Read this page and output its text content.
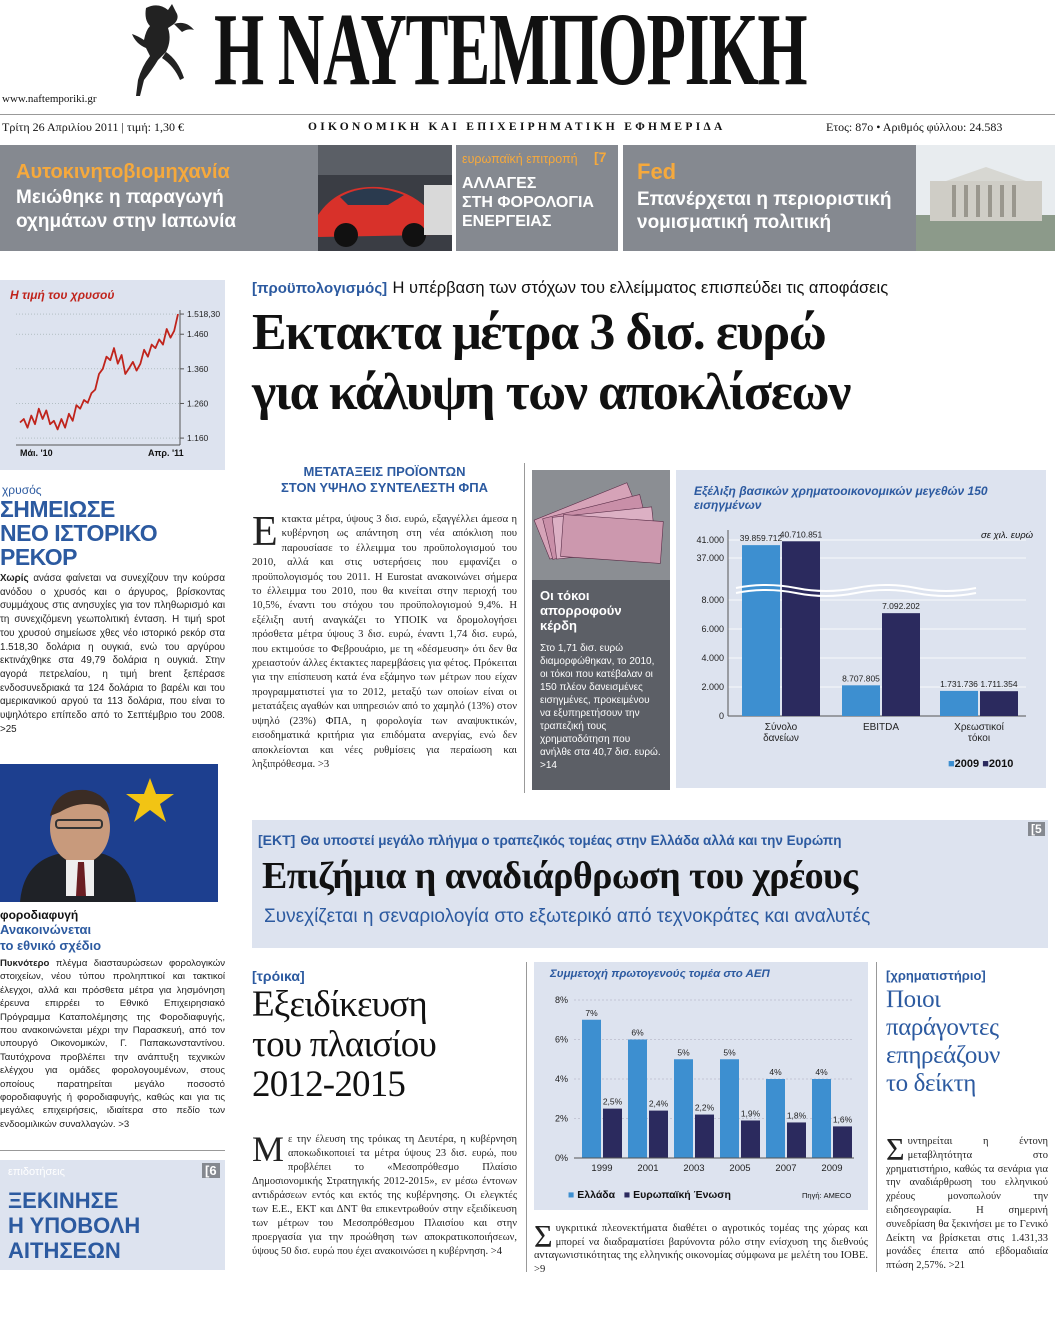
Η ΝΑΥΤΕΜΠΟΡΙΚΗ
www.naftemporiki.gr
Τρίτη 26 Απριλίου 2011 | τιμή: 1,30 €	ΟΙΚΟΝΟΜΙΚΗ ΚΑΙ ΕΠΙΧΕΙΡΗΜΑΤΙΚΗ ΕΦΗΜΕΡΙΔΑ	Ετος: 87ο • Αριθμός φύλλου: 24.583
Αυτοκινητοβιομηχανία
Μειώθηκε η παραγωγή
οχημάτων στην Ιαπωνία
ευρωπαϊκή επιτροπή [7
ΑΛΛΑΓΕΣ
ΣΤΗ ΦΟΡΟΛΟΓΙΑ
ΕΝΕΡΓΕΙΑΣ
Fed
Επανέρχεται η περιοριστική
νομισματική πολιτική
Η τιμή του χρυσού
1.160
1.260
1.360
1.460
1.518,30
Μάι. '10	Απρ. '11
χρυσός
ΣΗΜΕΙΩΣΕ
ΝΕΟ ΙΣΤΟΡΙΚΟ
ΡΕΚΟΡ
Χωρίς ανάσα φαίνεται να συνεχίζουν την κούρσα ανόδου ο χρυσός και ο άργυρος, βρίσκοντας συμμάχους στις ανησυχίες για τον πληθωρισμό και τη συνεχιζόμενη γεωπολιτική ένταση. Η τιμή spot του χρυσού σημείωσε χθες νέο ιστορικό ρεκόρ στα 1.518,30 δολάρια η ουγκιά, ενώ του αργύρου εκτινάχθηκε στα 49,79 δολάρια η ουγκιά. Στην αγορά πετρελαίου, η τιμή brent ξεπέρασε ενδοσυνεδριακά τα 124 δολάρια το βαρέλι και του αμερικανικού αργού τα 113 δολάρια, που είναι το υψηλότερο επίπεδο από το Σεπτέμβριο του 2008. >25
φοροδιαφυγή
Ανακοινώνεται
το εθνικό σχέδιο
Πυκνότερο πλέγμα διασταυρώσεων φορολογικών στοιχείων, νέου τύπου προληπτικοί και τακτικοί έλεγχοι, αλλά και πρόσθετα μέτρα για λησμόνηση έρευνα επιρρέει το Εθνικό Επιχειρησιακό Πρόγραμμα Καταπολέμησης της Φοροδιαφυγής, που ανακοινώνεται μέχρι την Παρασκευή, από τον υπουργό Οικονομικών, Γ. Παπακωνσταντίνου. Ταυτόχρονα προβλέπει την ανάπτυξη τεχνικών ελέγχου για ομάδες φορολογουμένων, στους οποίους παρατηρείται μεγάλο ποσοστό φοροδιαφυγής ή φοροδιαφυγής, καθώς και για τις μεγάλες επιχειρήσεις, ιδιαίτερα στο πεδίο των ενδοομιλικών συναλλαγών. >3
επιδοτήσεις	[6
ΞΕΚΙΝΗΣΕ
Η ΥΠΟΒΟΛΗ
ΑΙΤΗΣΕΩΝ
[προϋπολογισμός] Η υπέρβαση των στόχων του ελλείμματος επισπεύδει τις αποφάσεις
Εκτακτα μέτρα 3 δισ. ευρώ
για κάλυψη των αποκλίσεων
ΜΕΤΑΤΑΞΕΙΣ ΠΡΟΪΟΝΤΩΝ
ΣΤΟΝ ΥΨΗΛΟ ΣΥΝΤΕΛΕΣΤΗ ΦΠΑ
Εκτακτα μέτρα, ύψους 3 δισ. ευρώ, εξαγγέλλει άμεσα η κυβέρνηση ως απάντηση στη νέα απόκλιση που παρουσίασε το έλλειμμα του προϋπολογισμού του 2010, αλλά και στις υστερήσεις που εμφανίζει ο προϋπολογισμός του 2011. Η Eurostat ανακοινώνει σήμερα το έλλειμμα του 2010, που θα κινείται στην περιοχή του 10,5%, έναντι του στόχου του προϋπολογισμού 9,4%. Η εξέλιξη αυτή αναγκάζει το ΥΠΟΙΚ να δρομολογήσει πρόσθετα μέτρα ύψους 3 δισ. ευρώ, έναντι 1,74 δισ. ευρώ, που εκτιμούσε το Φεβρουάριο, με τη «δέσμευση» ότι δεν θα χρειαστούν άλλες έκτακτες παρεμβάσεις για φέτος. Πρόκειται για την επίσπευση κατά ένα εξάμηνο των μέτρων που είχαν προγραμματιστεί για το 2012, μεταξύ των οποίων είναι οι μετατάξεις αγαθών και υπηρεσιών από το χαμηλό (13%) στον υψηλό (23%) ΦΠΑ, η φορολογία των αναψυκτικών, εισοδηματικά κριτήρια για επιδόματα ανεργίας, ενώ δεν αποκλείονται και νέες ρυθμίσεις για περαίωση και ληξιπρόθεσμα. >3
Οι τόκοι
απορροφούν
κέρδη
Στο 1,71 δισ. ευρώ διαμορφώθηκαν, το 2010, οι τόκοι που κατέβαλαν οι 150 πλέον δανεισμένες εισηγμένες, προκειμένου να εξυπηρετήσουν την τραπεζική τους χρηματοδότηση που ανήλθε στα 40,7 δισ. ευρώ. >14
Εξέλιξη βασικών χρηματοοικονομικών μεγεθών 150 εισηγμένων
σε χιλ. ευρώ
41.000
37.000
8.000
6.000
4.000
2.000
0
39.859.712
40.710.851
Σύνολο
δανείων
8.707.805
7.092.202
EBITDA
1.731.736 1.711.354
Χρεωστικοί
τόκοι
■2009 ■2010
[ΕΚΤ] Θα υποστεί μεγάλο πλήγμα ο τραπεζικός τομέας στην Ελλάδα αλλά και την Ευρώπη
[5
Επιζήμια η αναδιάρθρωση του χρέους
Συνεχίζεται η σεναριολογία στο εξωτερικό από τεχνοκράτες και αναλυτές
[τρόικα]
Εξειδίκευση
του πλαισίου
2012-2015
Με την έλευση της τρόικας τη Δευτέρα, η κυβέρνηση αποκωδικοποιεί τα μέτρα ύψους 23 δισ. ευρώ, που προβλέπει το «Μεσοπρόθεσμο Πλαίσιο Δημοσιονομικής Στρατηγικής 2012-2015», εν μέσω έντονων αντιδράσεων εντός και εκτός της κυβέρνησης. Οι ελεγκτές των Ε.Ε., ΕΚΤ και ΔΝΤ θα επικεντρωθούν στην εξειδίκευση των μέτρων του Μεσοπρόθεσμου Πλαισίου και στην προεργασία για την προώθηση των αποκρατικοποιήσεων, ύψους 50 δισ. ευρώ που έχει ανακοινώσει η κυβέρνηση. >4
Συμμετοχή πρωτογενούς τομέα στο ΑΕΠ
8%
6%
4%
2%
0%
7%
2,5%
1999
6%
2,4%
2001
5%
2,2%
2003
5%
1,9%
2005
4%
1,8%
2007
4%
1,6%
2009
■ Ελλάδα ■ Ευρωπαϊκή Ένωση	Πηγή: AMECO
Συγκριτικά πλεονεκτήματα διαθέτει ο αγροτικός τομέας της χώρας και μπορεί να διαδραματίσει βαρύνοντα ρόλο στην ενίσχυση της διεθνούς ανταγωνιστικότητας της ελληνικής οικονομίας σύμφωνα με μελέτη του ΙΟΒΕ. >9
[χρηματιστήριο]
Ποιοι
παράγοντες
επηρεάζουν
το δείκτη
Συντηρείται η έντονη μεταβλητότητα στο χρηματιστήριο, καθώς τα σενάρια για την αναδιάρθρωση του ελληνικού χρέους μονοπωλούν την ειδησεογραφία. Η σημερινή συνεδρίαση θα ξεκινήσει με το Γενικό Δείκτη να βρίσκεται στις 1.431,33 μονάδες έπειτα από εβδομαδιαία πτώση 2,57%. >21
